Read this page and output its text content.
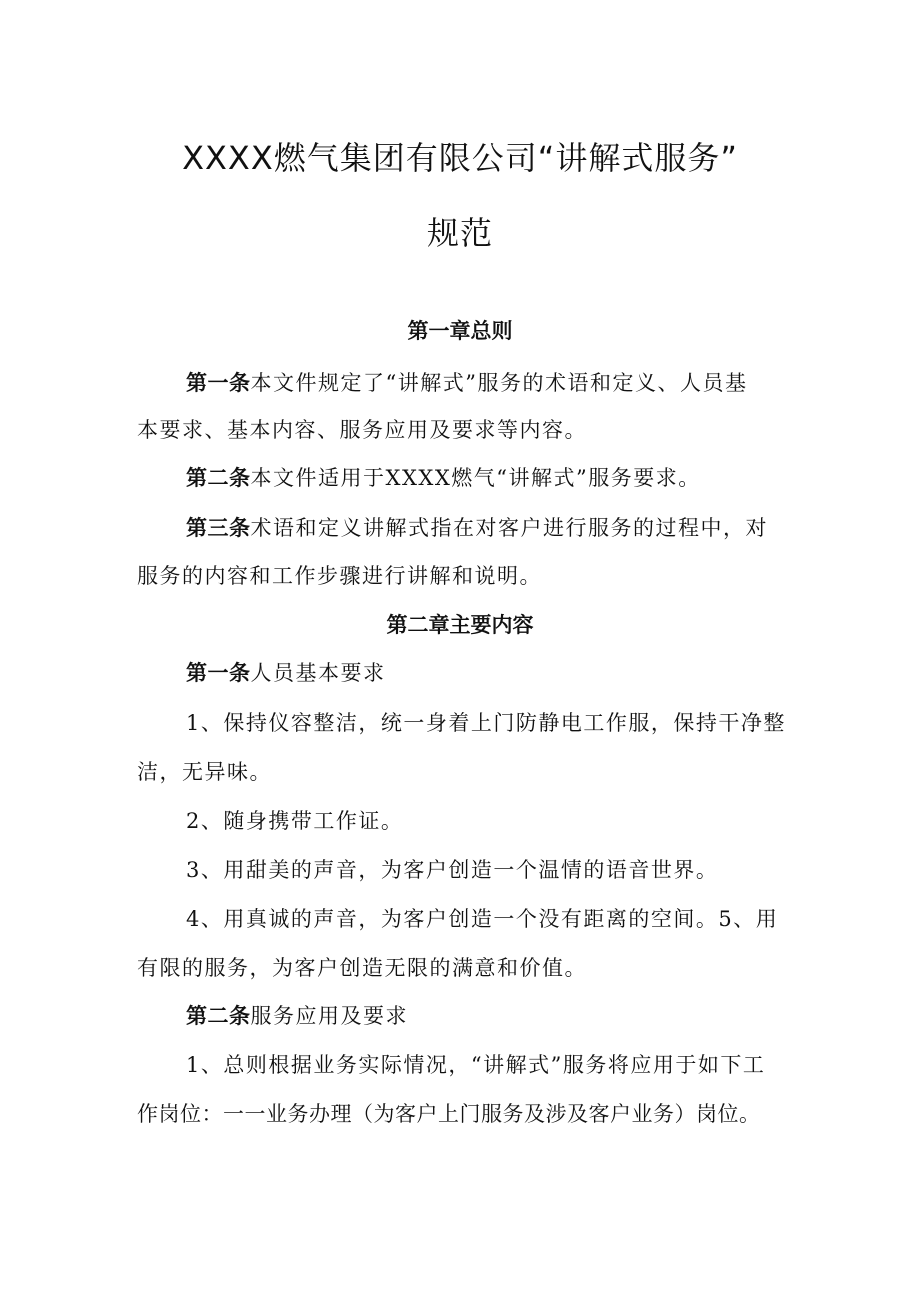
XXXX燃气集团有限公司“讲解式服务”
规范
第一章总则
第一条本文件规定了“讲解式”服务的术语和定义、人员基
本要求、基本内容、服务应用及要求等内容。
第二条本文件适用于XXXX燃气“讲解式”服务要求。
第三条术语和定义讲解式指在对客户进行服务的过程中，对
服务的内容和工作步骤进行讲解和说明。
第二章主要内容
第一条人员基本要求
1、保持仪容整洁，统一身着上门防静电工作服，保持干净整
洁，无异味。
2、随身携带工作证。
3、用甜美的声音，为客户创造一个温情的语音世界。
4、用真诚的声音，为客户创造一个没有距离的空间。5、用
有限的服务，为客户创造无限的满意和价值。
第二条服务应用及要求
1、总则根据业务实际情况，“讲解式”服务将应用于如下工
作岗位：一一业务办理（为客户上门服务及涉及客户业务）岗位。
